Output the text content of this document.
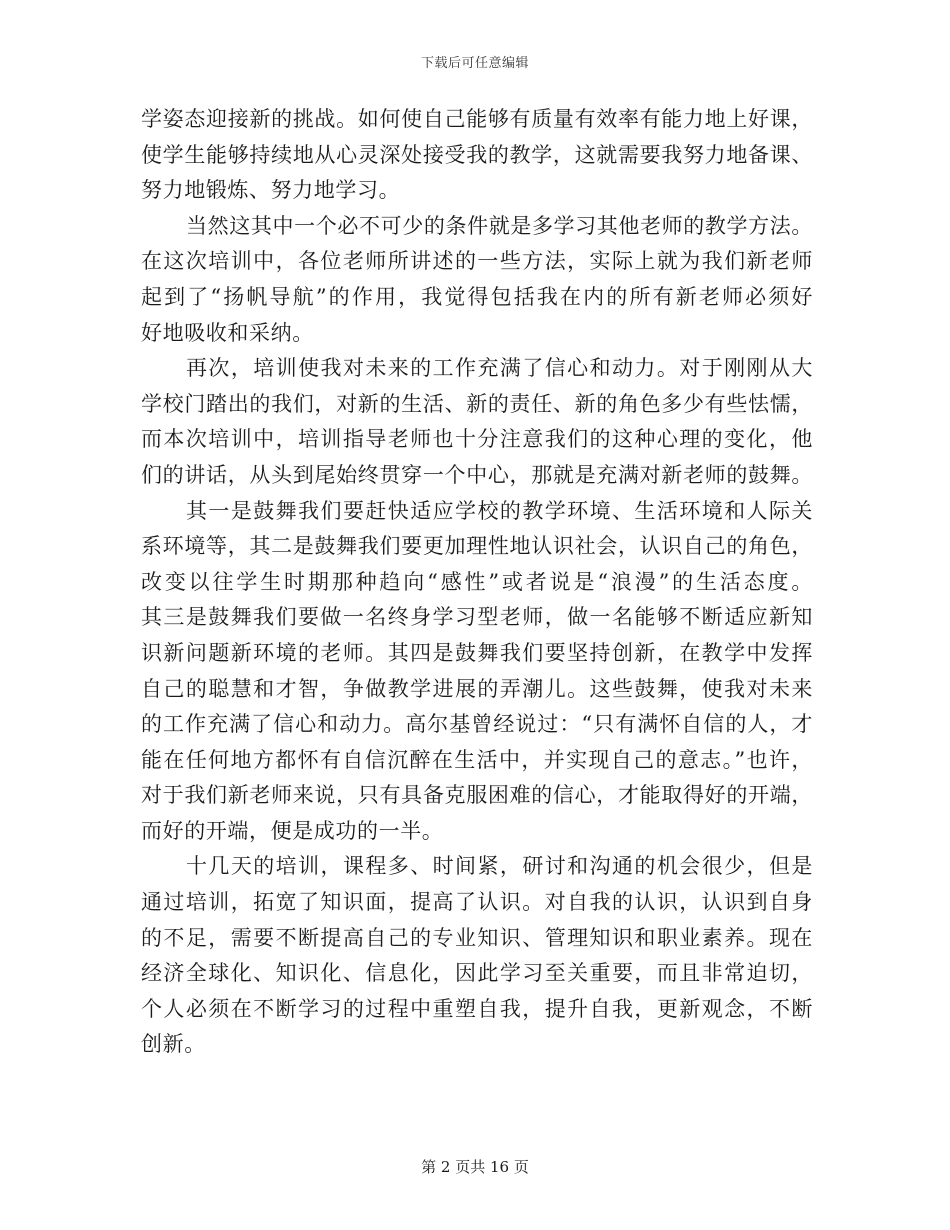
下载后可任意编辑
学姿态迎接新的挑战。如何使自己能够有质量有效率有能力地上好课，
使学生能够持续地从心灵深处接受我的教学，这就需要我努力地备课、
努力地锻炼、努力地学习。
当然这其中一个必不可少的条件就是多学习其他老师的教学方法。
在这次培训中，各位老师所讲述的一些方法，实际上就为我们新老师
起到了“扬帆导航”的作用，我觉得包括我在内的所有新老师必须好
好地吸收和采纳。
再次，培训使我对未来的工作充满了信心和动力。对于刚刚从大
学校门踏出的我们，对新的生活、新的责任、新的角色多少有些怯懦，
而本次培训中，培训指导老师也十分注意我们的这种心理的变化，他
们的讲话，从头到尾始终贯穿一个中心，那就是充满对新老师的鼓舞。
其一是鼓舞我们要赶快适应学校的教学环境、生活环境和人际关
系环境等，其二是鼓舞我们要更加理性地认识社会，认识自己的角色，
改变以往学生时期那种趋向“感性”或者说是“浪漫”的生活态度。
其三是鼓舞我们要做一名终身学习型老师，做一名能够不断适应新知
识新问题新环境的老师。其四是鼓舞我们要坚持创新，在教学中发挥
自己的聪慧和才智，争做教学进展的弄潮儿。这些鼓舞，使我对未来
的工作充满了信心和动力。高尔基曾经说过：“只有满怀自信的人，才
能在任何地方都怀有自信沉醉在生活中，并实现自己的意志。”也许，
对于我们新老师来说，只有具备克服困难的信心，才能取得好的开端，
而好的开端，便是成功的一半。
十几天的培训，课程多、时间紧，研讨和沟通的机会很少，但是
通过培训，拓宽了知识面，提高了认识。对自我的认识，认识到自身
的不足，需要不断提高自己的专业知识、管理知识和职业素养。现在
经济全球化、知识化、信息化，因此学习至关重要，而且非常迫切，
个人必须在不断学习的过程中重塑自我，提升自我，更新观念，不断
创新。
第 2 页共 16 页
